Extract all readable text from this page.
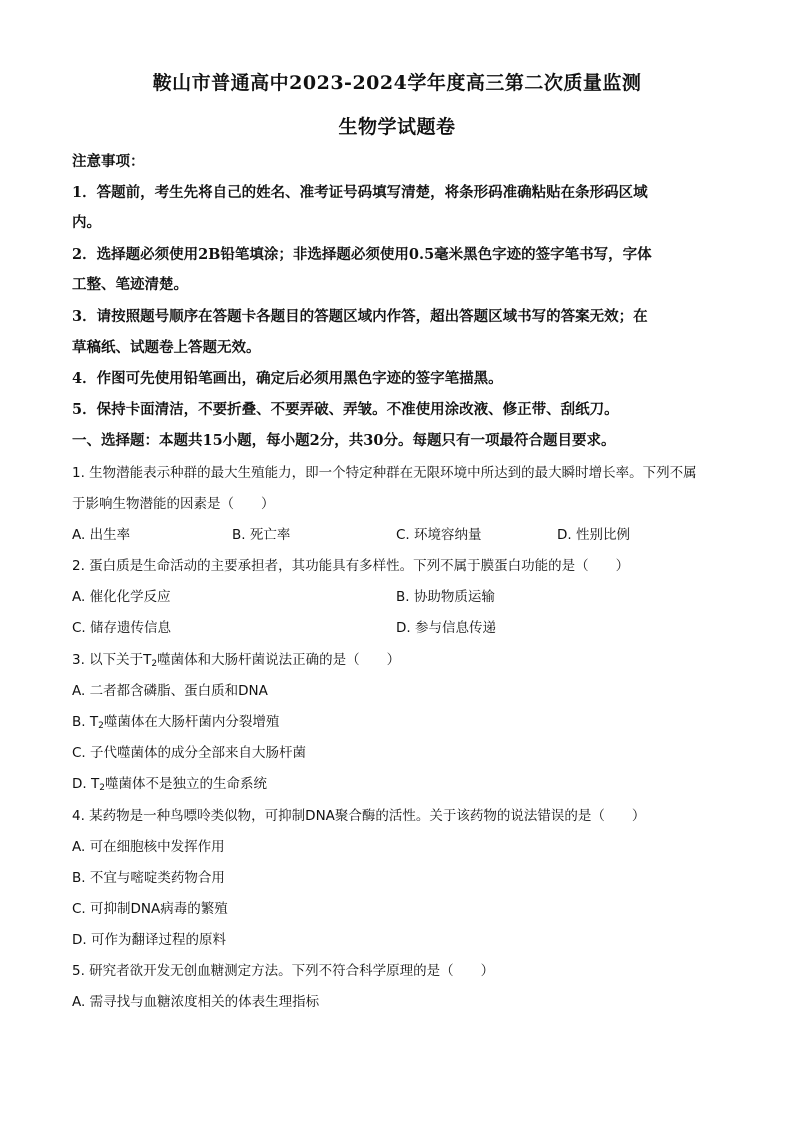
鞍山市普通高中2023-2024学年度高三第二次质量监测
生物学试题卷
注意事项：
1．答题前，考生先将自己的姓名、准考证号码填写清楚，将条形码准确粘贴在条形码区域
内。
2．选择题必须使用2B铅笔填涂；非选择题必须使用0.5毫米黑色字迹的签字笔书写，字体
工整、笔迹清楚。
3．请按照题号顺序在答题卡各题目的答题区域内作答，超出答题区域书写的答案无效；在
草稿纸、试题卷上答题无效。
4．作图可先使用铅笔画出，确定后必须用黑色字迹的签字笔描黑。
5．保持卡面清洁，不要折叠、不要弄破、弄皱。不准使用涂改液、修正带、刮纸刀。
一、选择题：本题共15小题，每小题2分，共30分。每题只有一项最符合题目要求。
1. 生物潜能表示种群的最大生殖能力，即一个特定种群在无限环境中所达到的最大瞬时增长率。下列不属
于影响生物潜能的因素是（　　）
A. 出生率	B. 死亡率	C. 环境容纳量	D. 性别比例
2. 蛋白质是生命活动的主要承担者，其功能具有多样性。下列不属于膜蛋白功能的是（　　）
A. 催化化学反应	B. 协助物质运输
C. 储存遗传信息	D. 参与信息传递
3. 以下关于$T_2$噬菌体和大肠杆菌说法正确的是（　　）
A. 二者都含磷脂、蛋白质和DNA
B. $T_2$噬菌体在大肠杆菌内分裂增殖
C. 子代噬菌体的成分全部来自大肠杆菌
D. $T_2$噬菌体不是独立的生命系统
4. 某药物是一种鸟嘌呤类似物，可抑制DNA聚合酶的活性。关于该药物的说法错误的是（　　）
A. 可在细胞核中发挥作用
B. 不宜与嘧啶类药物合用
C. 可抑制DNA病毒的繁殖
D. 可作为翻译过程的原料
5. 研究者欲开发无创血糖测定方法。下列不符合科学原理的是（　　）
A. 需寻找与血糖浓度相关的体表生理指标
